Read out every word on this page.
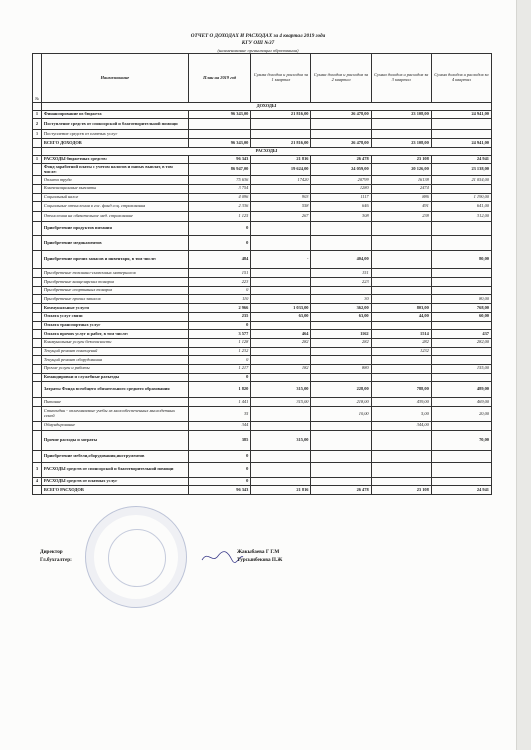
ОТЧЕТ О ДОХОДАХ И РАСХОДАХ за 4 квартал 2019 года
КГУ ОШ №37
(наименование организации образования)
№	Наименование	План на 2019 год	Сумма доходов и расходов за 1 квартал	Сумма доходов и расходов за 2 квартал	Сумма доходов и расходов за 3 квартал	Сумма доходов и расходов за 4 квартал
	ДОХОДЫ					
1	Финансирование из бюджета	96 343,00	21 816,00	26 478,00	23 108,00	24 941,00
2	Поступление средств от спонсорской и благотворительной помощи					
3	Поступление средств от платных услуг					
	ВСЕГО ДОХОДОВ	96 343,00	21 816,00	26 478,00	23 108,00	24 941,00
	РАСХОДЫ					
1	РАСХОДЫ бюджетных средств:	96 343	21 816	26 478	23 108	24 941
	Фонд заработной платы с учетом налогов и папых выплат, в том числе:	86 947,00	19 624,00	24 059,00	20 126,00	23 138,00
	Оплата труда	75 636	17420	20799	16138	21 054,00
	Компенсационные выплаты	3 754		1280	2474	
	Социальный налог	4 096	903	1117	886	1 190,00
	Социальные отчисления в гос. фонд соц. страхования	2 336	558	646	491	641,00
	Отчисления на обязательное мед. страхование	1 125	267	308	238	312,00
	Приобретение продуктов питания	0				
	Приобретение медикаментов	0				
	Приобретение прочих запасов и инвентаря, в том числе:	484	-	404,00		80,00
	Приобретение топливно-смазочных материалов	151		151		
	Приобретение канцелярских товаров	223		223		
	Приобретение спортивных товаров	0				
	Приобретение прочих запасов	110		30		80,00
	Коммунальные услуги	2 966	1 033,00	362,00	803,00	768,00
	Оплата услуг связи	235	63,00	63,00	44,00	60,00
	Оплата транспортных услуг	0				
	Оплата прочих услуг и работ, в том числе:	3 577	464	1162	1514	437
	Коммунальные услуги безопасности	1 128	282	282	282	282,00
	Текущий ремонт помещений	1 232			1232	
	Текущий ремонт оборудования	0				
	Прочие услуги и работы	1 217	182	880		155,00
	Командировки и служебные разъезды	0				
	Затраты Фонда всеобщего обязательного среднего образования	1 820	315,00	228,00	788,00	489,00
	Питание	1 441	315,00	218,00	439,00	469,00
	Стипендии - оплачиваемые учебы из малообеспеченных многодетных семей	35		10,00	5,00	20,00
	Обмундирование	344			344,00	
	Прочие расходы и затраты	385	315,00			70,00
	Приобретение мебели,оборудования,инструментов	0				
3	РАСХОДЫ средств от спонсорской и благотворительной помощи	0				
4	РАСХОДЫ средств от платных услуг	0				
	ВСЕГО РАСХОДОВ	96 343	21 816	26 478	23 108	24 941
Директор
Гл.бухгалтер:
Жакыбаева Г Г.М
Турсынбекова П.Ж
